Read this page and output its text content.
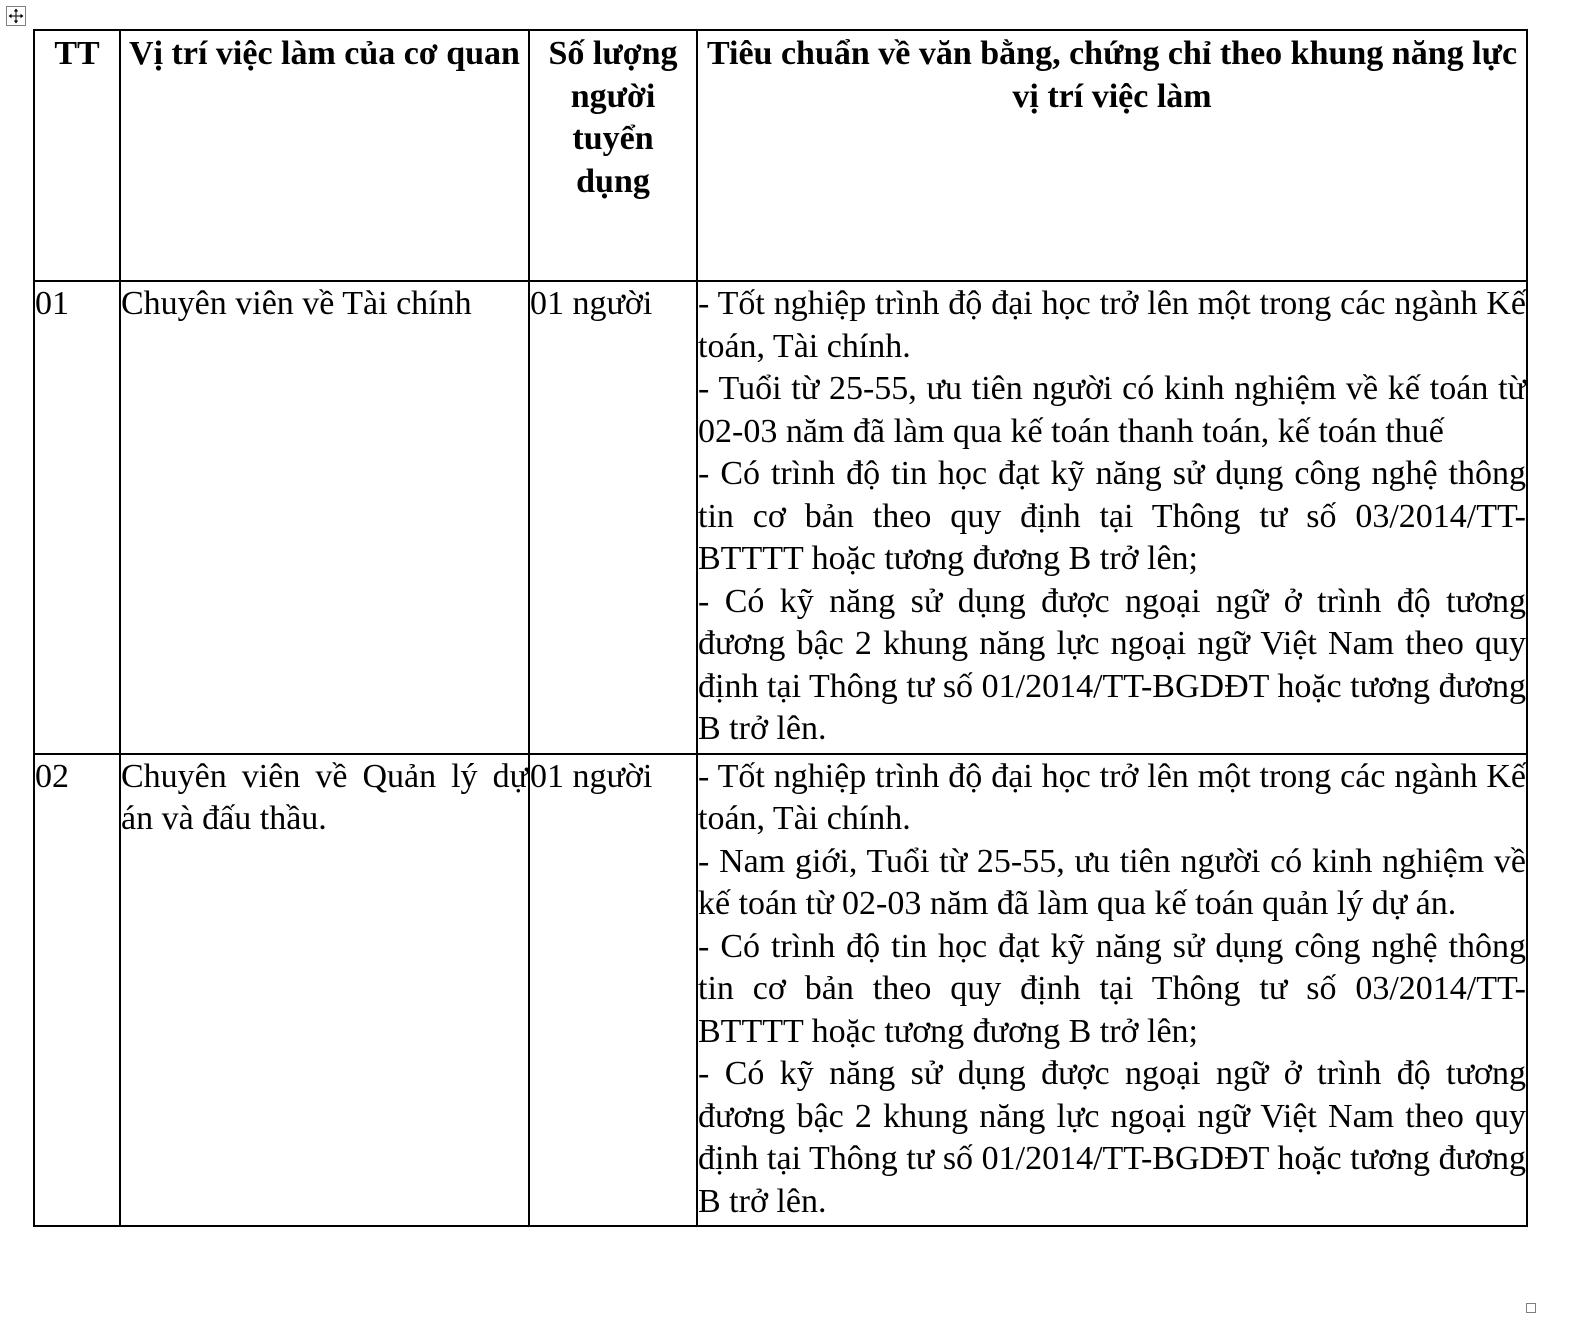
TT	Vị trí việc làm của cơ quan	Số lượng người tuyển dụng	Tiêu chuẩn về văn bằng, chứng chỉ theo khung năng lực vị trí việc làm
01	Chuyên viên về Tài chính	01 người	- Tốt nghiệp trình độ đại học trở lên một trong các ngành Kế toán, Tài chính.
- Tuổi từ 25-55, ưu tiên người có kinh nghiệm về kế toán từ 02-03 năm đã làm qua kế toán thanh toán, kế toán thuế
- Có trình độ tin học đạt kỹ năng sử dụng công nghệ thông tin cơ bản theo quy định tại Thông tư số 03/2014/TT-BTTTT hoặc tương đương B trở lên;
- Có kỹ năng sử dụng được ngoại ngữ ở trình độ tương đương bậc 2 khung năng lực ngoại ngữ Việt Nam theo quy định tại Thông tư số 01/2014/TT-BGDĐT hoặc tương đương B trở lên.

02	Chuyên viên về Quản lý dự án và đấu thầu.	01 người	- Tốt nghiệp trình độ đại học trở lên một trong các ngành Kế toán, Tài chính.
- Nam giới, Tuổi từ 25-55, ưu tiên người có kinh nghiệm về kế toán từ 02-03 năm đã làm qua kế toán quản lý dự án.
- Có trình độ tin học đạt kỹ năng sử dụng công nghệ thông tin cơ bản theo quy định tại Thông tư số 03/2014/TT-BTTTT hoặc tương đương B trở lên;
- Có kỹ năng sử dụng được ngoại ngữ ở trình độ tương đương bậc 2 khung năng lực ngoại ngữ Việt Nam theo quy định tại Thông tư số 01/2014/TT-BGDĐT hoặc tương đương B trở lên.
